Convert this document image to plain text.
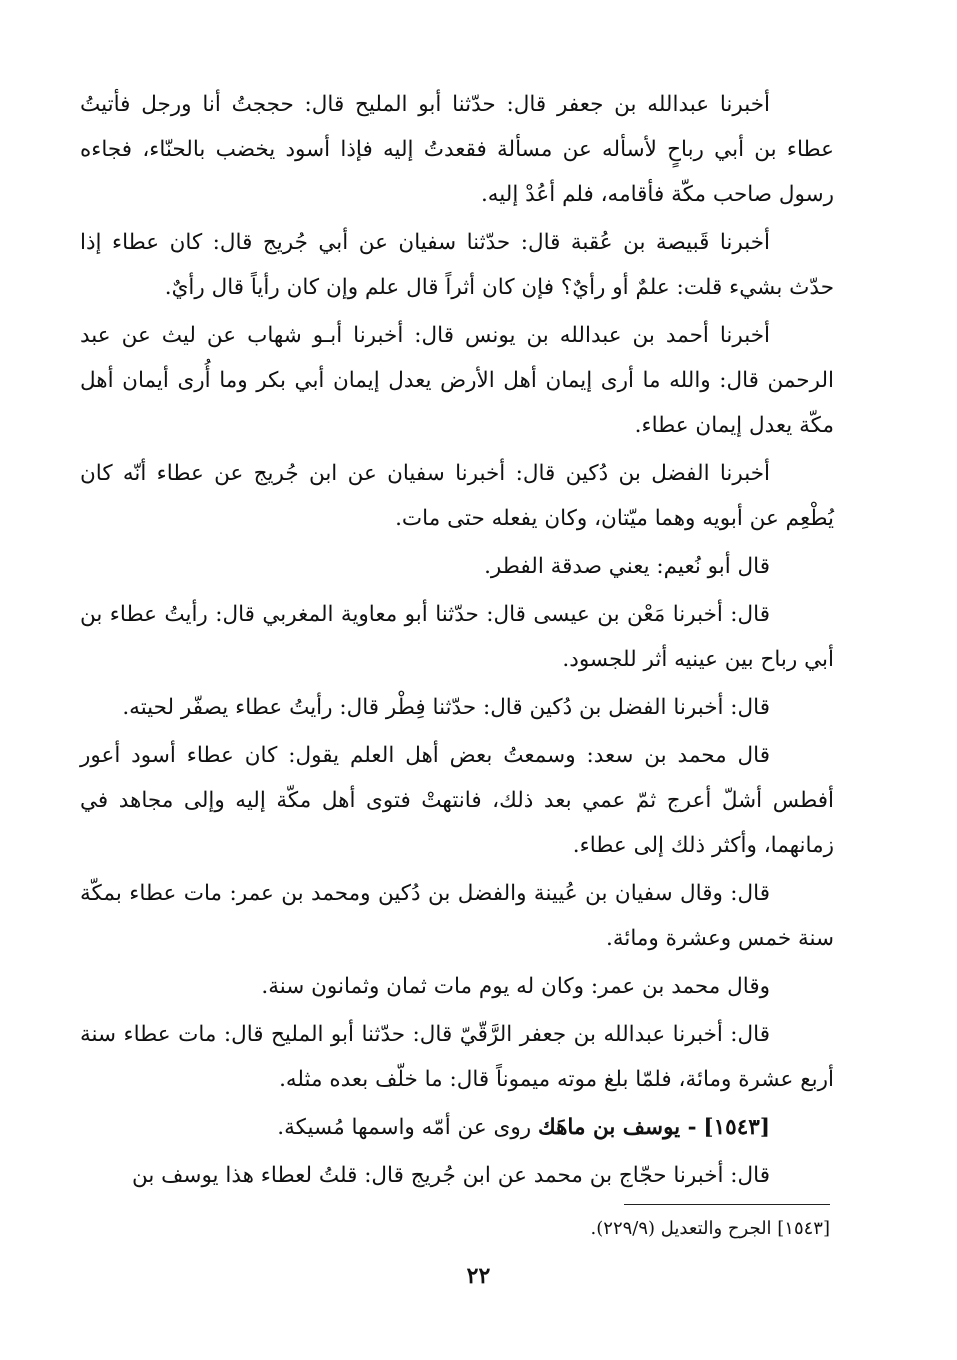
أخبرنا عبدالله بن جعفر قال: حدّثنا أبو المليح قال: حججتُ أنا ورجل فأتيتُ عطاء بن أبي رباحٍ لأسأله عن مسألة فقعدتُ إليه فإذا أسود يخضب بالحنّاء، فجاءه رسول صاحب مكّة فأقامه، فلم أعُدْ إليه.

أخبرنا قَبيصة بن عُقبة قال: حدّثنا سفيان عن أبي جُريج قال: كان عطاء إذا حدّث بشيء قلت: علمٌ أو رأيٌ؟ فإن كان أثراً قال علم وإن كان رأياً قال رأيٌ.

أخبرنا أحمد بن عبدالله بن يونس قال: أخبرنا أبـو شهاب عن ليث عن عبد الرحمن قال: والله ما أرى إيمان أهل الأرض يعدل إيمان أبي بكر وما أُرى أيمان أهل مكّة يعدل إيمان عطاء.

أخبرنا الفضل بن دُكين قال: أخبرنا سفيان عن ابن جُريج عن عطاء أنّه كان يُطْعِم عن أبويه وهما ميّتان، وكان يفعله حتى مات.

قال أبو نُعيم: يعني صدقة الفطر.

قال: أخبرنا مَعْن بن عيسى قال: حدّثنا أبو معاوية المغربي قال: رأيتُ عطاء بن أبي رباح بين عينيه أثر للجسود.

قال: أخبرنا الفضل بن دُكين قال: حدّثنا فِطْر قال: رأيتُ عطاء يصفّر لحيته.

قال محمد بن سعد: وسمعتُ بعض أهل العلم يقول: كان عطاء أسود أعور أفطس أشلّ أعرج ثمّ عمي بعد ذلك، فانتهتْ فتوى أهل مكّة إليه وإلى مجاهد في زمانهما، وأكثر ذلك إلى عطاء.

قال: وقال سفيان بن عُيينة والفضل بن دُكين ومحمد بن عمر: مات عطاء بمكّة سنة خمس وعشرة ومائة.

وقال محمد بن عمر: وكان له يوم مات ثمان وثمانون سنة.

قال: أخبرنا عبدالله بن جعفر الرَّقّيّ قال: حدّثنا أبو المليح قال: مات عطاء سنة أربع عشرة ومائة، فلمّا بلغ موته ميموناً قال: ما خلّف بعده مثله.

[١٥٤٣] - يوسف بن ماهَك روى عن أمّه واسمها مُسيكة.

قال: أخبرنا حجّاج بن محمد عن ابن جُريج قال: قلتُ لعطاء هذا يوسف بن

[١٥٤٣] الجرح والتعديل (٢٢٩/٩).
٢٢
